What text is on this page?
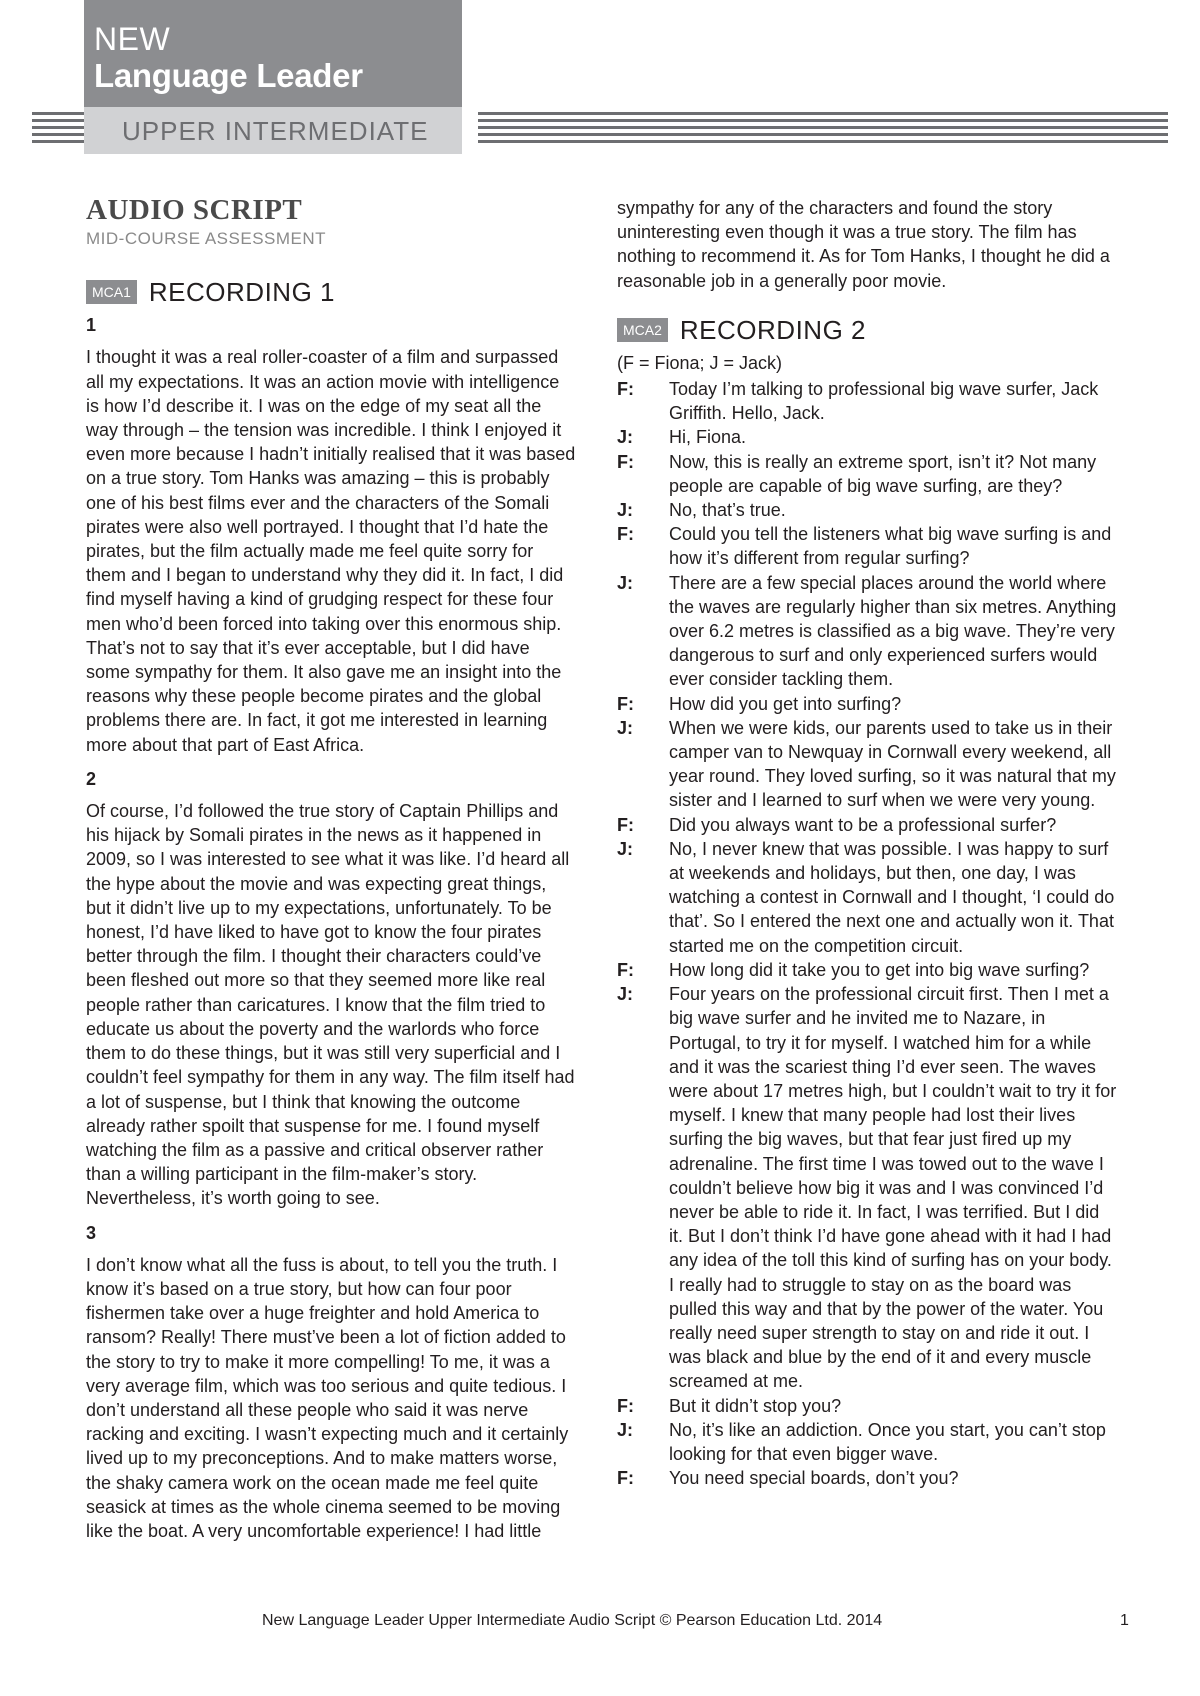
NEW
Language Leader
UPPER INTERMEDIATE
AUDIO SCRIPT
MID-COURSE ASSESSMENT
MCA1 RECORDING 1
1

I thought it was a real roller-coaster of a film and surpassed all my expectations. It was an action movie with intelligence is how I’d describe it. I was on the edge of my seat all the way through – the tension was incredible. I think I enjoyed it even more because I hadn’t initially realised that it was based on a true story. Tom Hanks was amazing – this is probably one of his best films ever and the characters of the Somali pirates were also well portrayed. I thought that I’d hate the pirates, but the film actually made me feel quite sorry for them and I began to understand why they did it. In fact, I did find myself having a kind of grudging respect for these four men who’d been forced into taking over this enormous ship. That’s not to say that it’s ever acceptable, but I did have some sympathy for them. It also gave me an insight into the reasons why these people become pirates and the global problems there are. In fact, it got me interested in learning more about that part of East Africa.

2

Of course, I’d followed the true story of Captain Phillips and his hijack by Somali pirates in the news as it happened in 2009, so I was interested to see what it was like. I’d heard all the hype about the movie and was expecting great things, but it didn’t live up to my expectations, unfortunately. To be honest, I’d have liked to have got to know the four pirates better through the film. I thought their characters could’ve been fleshed out more so that they seemed more like real people rather than caricatures. I know that the film tried to educate us about the poverty and the warlords who force them to do these things, but it was still very superficial and I couldn’t feel sympathy for them in any way. The film itself had a lot of suspense, but I think that knowing the outcome already rather spoilt that suspense for me. I found myself watching the film as a passive and critical observer rather than a willing participant in the film-maker’s story. Nevertheless, it’s worth going to see.

3

I don’t know what all the fuss is about, to tell you the truth. I know it’s based on a true story, but how can four poor fishermen take over a huge freighter and hold America to ransom? Really! There must’ve been a lot of fiction added to the story to try to make it more compelling! To me, it was a very average film, which was too serious and quite tedious. I don’t understand all these people who said it was nerve racking and exciting. I wasn’t expecting much and it certainly lived up to my preconceptions. And to make matters worse, the shaky camera work on the ocean made me feel quite seasick at times as the whole cinema seemed to be moving like the boat. A very uncomfortable experience! I had little

sympathy for any of the characters and found the story uninteresting even though it was a true story. The film has nothing to recommend it. As for Tom Hanks, I thought he did a reasonable job in a generally poor movie.

MCA2 RECORDING 2
(F = Fiona; J = Jack)
F:	Today I’m talking to professional big wave surfer, Jack Griffith. Hello, Jack.
J:	Hi, Fiona.
F:	Now, this is really an extreme sport, isn’t it? Not many people are capable of big wave surfing, are they?
J:	No, that’s true.
F:	Could you tell the listeners what big wave surfing is and how it’s different from regular surfing?
J:	There are a few special places around the world where the waves are regularly higher than six metres. Anything over 6.2 metres is classified as a big wave. They’re very dangerous to surf and only experienced surfers would ever consider tackling them.
F:	How did you get into surfing?
J:	When we were kids, our parents used to take us in their camper van to Newquay in Cornwall every weekend, all year round. They loved surfing, so it was natural that my sister and I learned to surf when we were very young.
F:	Did you always want to be a professional surfer?
J:	No, I never knew that was possible. I was happy to surf at weekends and holidays, but then, one day, I was watching a contest in Cornwall and I thought, ‘I could do that’. So I entered the next one and actually won it. That started me on the competition circuit.
F:	How long did it take you to get into big wave surfing?
J:	Four years on the professional circuit first. Then I met a big wave surfer and he invited me to Nazare, in Portugal, to try it for myself. I watched him for a while and it was the scariest thing I’d ever seen. The waves were about 17 metres high, but I couldn’t wait to try it for myself. I knew that many people had lost their lives surfing the big waves, but that fear just fired up my adrenaline. The first time I was towed out to the wave I couldn’t believe how big it was and I was convinced I’d never be able to ride it. In fact, I was terrified. But I did it. But I don’t think I’d have gone ahead with it had I had any idea of the toll this kind of surfing has on your body. I really had to struggle to stay on as the board was pulled this way and that by the power of the water. You really need super strength to stay on and ride it out. I was black and blue by the end of it and every muscle screamed at me.
F:	But it didn’t stop you?
J:	No, it’s like an addiction. Once you start, you can’t stop looking for that even bigger wave.
F:	You need special boards, don’t you?
New Language Leader Upper Intermediate Audio Script © Pearson Education Ltd. 2014	1
